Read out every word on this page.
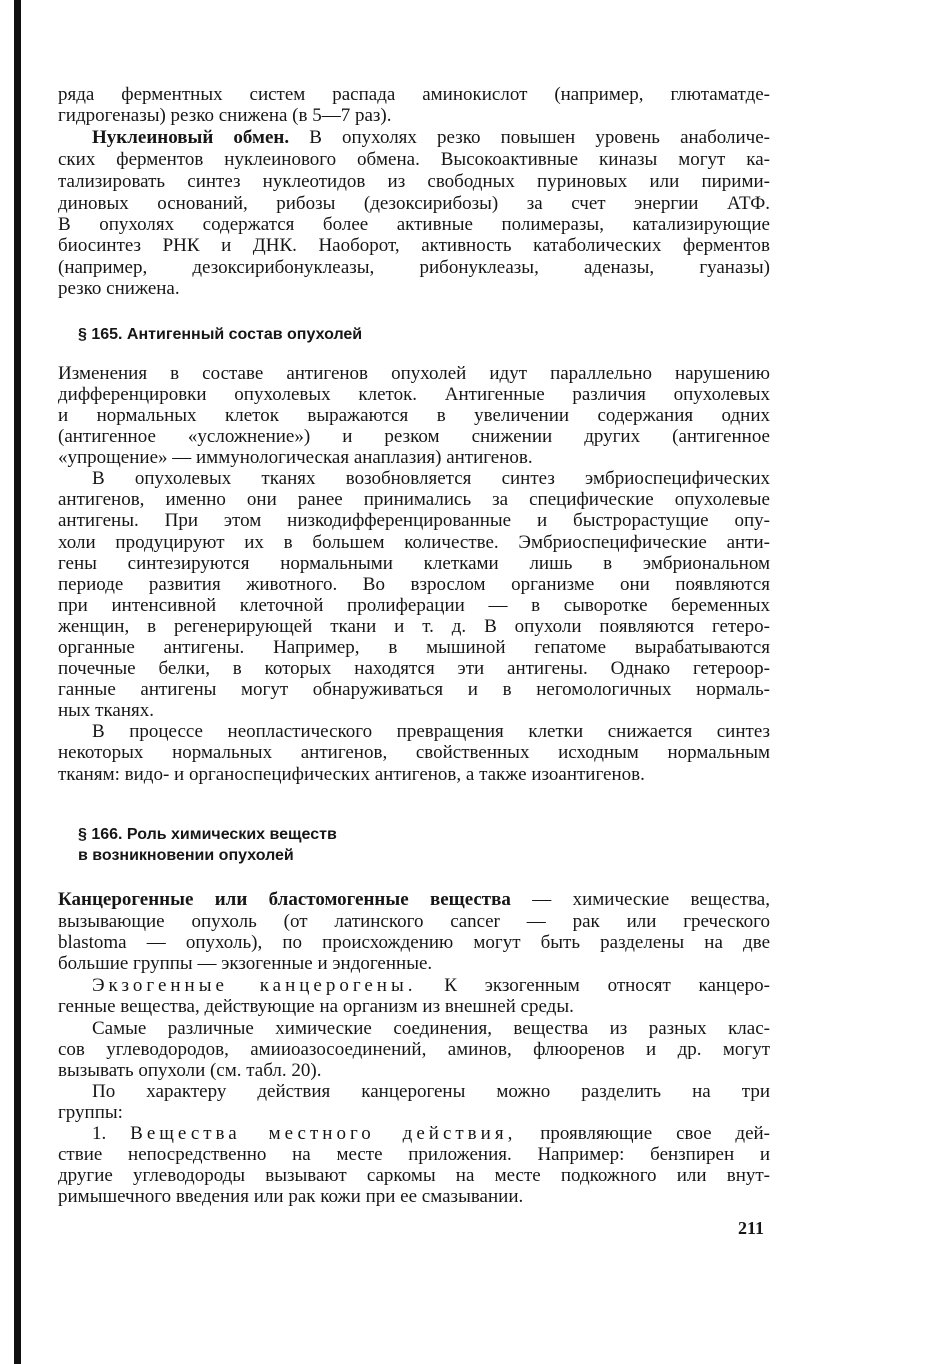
ряда ферментных систем распада аминокислот (например, глютаматде-
гидрогеназы) резко снижена (в 5—7 раз).
Нуклеиновый обмен. В опухолях резко повышен уровень анаболиче-
ских ферментов нуклеинового обмена. Высокоактивные киназы могут ка-
тализировать синтез нуклеотидов из свободных пуриновых или пирими-
диновых оснований, рибозы (дезоксирибозы) за счет энергии АТФ.
В опухолях содержатся более активные полимеразы, катализирующие
биосинтез РНК и ДНК. Наоборот, активность катаболических ферментов
(например, дезоксирибонуклеазы, рибонуклеазы, аденазы, гуаназы)
резко снижена.
§ 165. Антигенный состав опухолей
Изменения в составе антигенов опухолей идут параллельно нарушению
дифференцировки опухолевых клеток. Антигенные различия опухолевых
и нормальных клеток выражаются в увеличении содержания одних
(антигенное «усложнение») и резком снижении других (антигенное
«упрощение» — иммунологическая анаплазия) антигенов.
В опухолевых тканях возобновляется синтез эмбриоспецифических
антигенов, именно они ранее принимались за специфические опухолевые
антигены. При этом низкодифференцированные и быстрорастущие опу-
холи продуцируют их в большем количестве. Эмбриоспецифические анти-
гены синтезируются нормальными клетками лишь в эмбриональном
периоде развития животного. Во взрослом организме они появляются
при интенсивной клеточной пролиферации — в сыворотке беременных
женщин, в регенерирующей ткани и т. д. В опухоли появляются гетеро-
органные антигены. Например, в мышиной гепатоме вырабатываются
почечные белки, в которых находятся эти антигены. Однако гетероор-
ганные антигены могут обнаруживаться и в негомологичных нормаль-
ных тканях.
В процессе неопластического превращения клетки снижается синтез
некоторых нормальных антигенов, свойственных исходным нормальным
тканям: видо- и органоспецифических антигенов, а также изоантигенов.
§ 166. Роль химических веществ
в возникновении опухолей
Канцерогенные или бластомогенные вещества — химические вещества,
вызывающие опухоль (от латинского cancer — рак или греческого
blastoma — опухоль), по происхождению могут быть разделены на две
большие группы — экзогенные и эндогенные.
Экзогенные канцерогены. К экзогенным относят канцеро-
генные вещества, действующие на организм из внешней среды.
Самые различные химические соединения, вещества из разных клас-
сов углеводородов, амииоазосоединений, аминов, флюоренов и др. могут
вызывать опухоли (см. табл. 20).
По характеру действия канцерогены можно разделить на три
группы:
1. Вещества местного действия, проявляющие свое дей-
ствие непосредственно на месте приложения. Например: бензпирен и
другие углеводороды вызывают саркомы на месте подкожного или внут-
римышечного введения или рак кожи при ее смазывании.
211
